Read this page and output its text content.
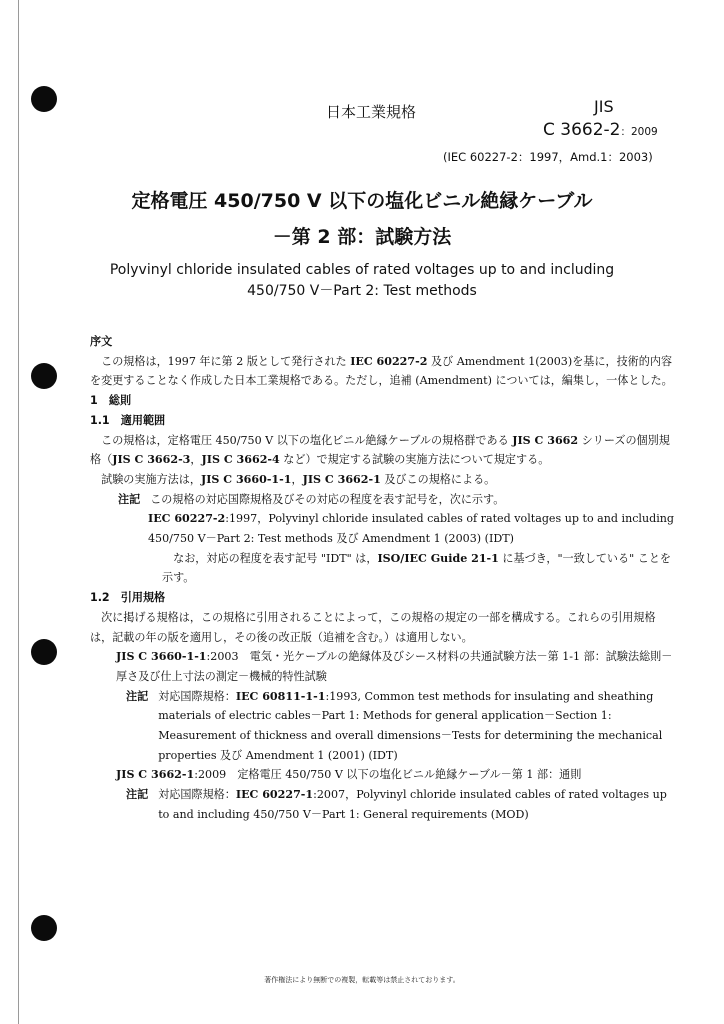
日本工業規格	JIS
C 3662-2：2009
(IEC 60227-2：1997，Amd.1：2003)
定格電圧 450/750 V 以下の塩化ビニル絶縁ケーブル
－第 2 部：試験方法
Polyvinyl chloride insulated cables of rated voltages up to and including
450/750 V－Part 2: Test methods

序文

この規格は，1997 年に第 2 版として発行された IEC 60227-2 及び Amendment 1(2003)を基に，技術的内容を変更することなく作成した日本工業規格である。ただし，追補 (Amendment) については，編集し，一体とした。

1　 総則

1.1　 適用範囲

この規格は，定格電圧 450/750 V 以下の塩化ビニル絶縁ケーブルの規格群である JIS C 3662 シリーズの個別規格（JIS C 3662-3，JIS C 3662-4 など）で規定する試験の実施方法について規定する。

試験の実施方法は，JIS C 3660-1-1，JIS C 3662-1 及びこの規格による。

注記 この規格の対応国際規格及びその対応の程度を表す記号を，次に示す。

IEC 60227-2:1997，Polyvinyl chloride insulated cables of rated voltages up to and including 450/750 V－Part 2: Test methods 及び Amendment 1 (2003) (IDT)

なお，対応の程度を表す記号 "IDT" は，ISO/IEC Guide 21-1 に基づき，"一致している" ことを示す。

1.2　 引用規格

次に掲げる規格は，この規格に引用されることによって，この規格の規定の一部を構成する。これらの引用規格は，記載の年の版を適用し，その後の改正版（追補を含む。）は適用しない。

JIS C 3660-1-1:2003　 電気・光ケーブルの絶縁体及びシース材料の共通試験方法－第 1-1 部：試験法総則－厚さ及び仕上寸法の測定－機械的特性試験
注記 対応国際規格：IEC 60811-1-1:1993, Common test methods for insulating and sheathing materials of electric cables－Part 1: Methods for general application－Section 1: Measurement of thickness and overall dimensions－Tests for determining the mechanical properties 及び Amendment 1 (2001) (IDT)
JIS C 3662-1:2009　 定格電圧 450/750 V 以下の塩化ビニル絶縁ケーブル－第 1 部：通則
注記 対応国際規格：IEC 60227-1:2007，Polyvinyl chloride insulated cables of rated voltages up to and including 450/750 V－Part 1: General requirements (MOD)
著作権法により無断での複製，転載等は禁止されております。
